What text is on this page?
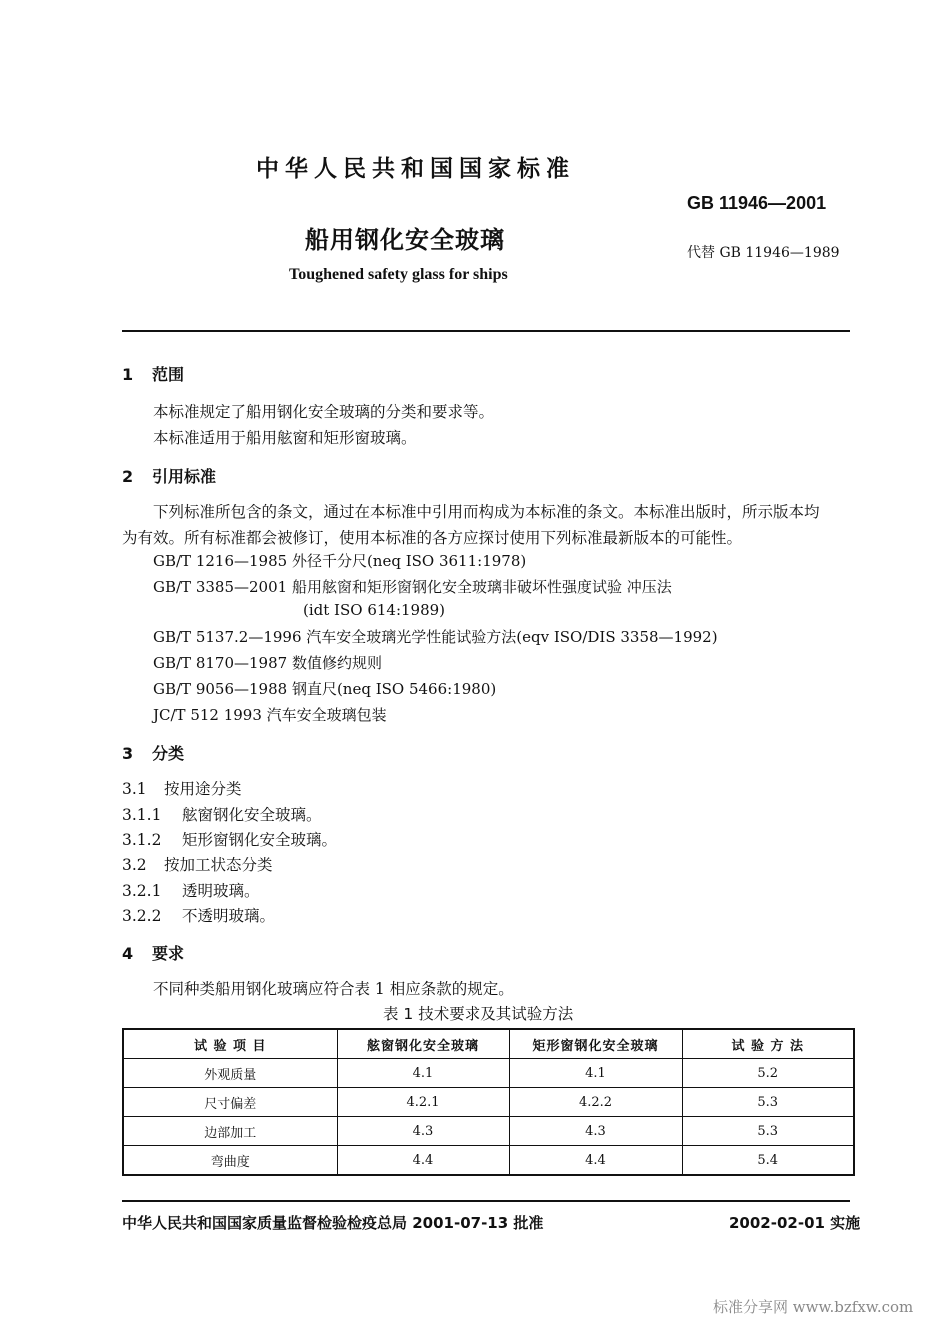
中华人民共和国国家标准
GB 11946—2001
船用钢化安全玻璃	代替 GB 11946—1989
Toughened safety glass for ships
1 范围
本标准规定了船用钢化安全玻璃的分类和要求等。
本标准适用于船用舷窗和矩形窗玻璃。
2 引用标准
下列标准所包含的条文，通过在本标准中引用而构成为本标准的条文。本标准出版时，所示版本均
为有效。所有标准都会被修订，使用本标准的各方应探讨使用下列标准最新版本的可能性。
GB/T 1216—1985 外径千分尺(neq ISO 3611:1978)
GB/T 3385—2001 船用舷窗和矩形窗钢化安全玻璃非破坏性强度试验 冲压法
(idt ISO 614:1989)
GB/T 5137.2—1996 汽车安全玻璃光学性能试验方法(eqv ISO/DIS 3358—1992)
GB/T 8170—1987 数值修约规则
GB/T 9056—1988 钢直尺(neq ISO 5466:1980)
JC/T 512 1993 汽车安全玻璃包装
3 分类
3.1 按用途分类
3.1.1 舷窗钢化安全玻璃。
3.1.2 矩形窗钢化安全玻璃。
3.2 按加工状态分类
3.2.1 透明玻璃。
3.2.2 不透明玻璃。
4 要求
不同种类船用钢化玻璃应符合表 1 相应条款的规定。
表 1 技术要求及其试验方法
试 验 项 目	舷窗钢化安全玻璃	矩形窗钢化安全玻璃	试 验 方 法
外观质量	4.1	4.1	5.2
尺寸偏差	4.2.1	4.2.2	5.3
边部加工	4.3	4.3	5.3
弯曲度	4.4	4.4	5.4
中华人民共和国国家质量监督检验检疫总局 2001-07-13 批准	2002-02-01 实施
标准分享网 www.bzfxw.com
